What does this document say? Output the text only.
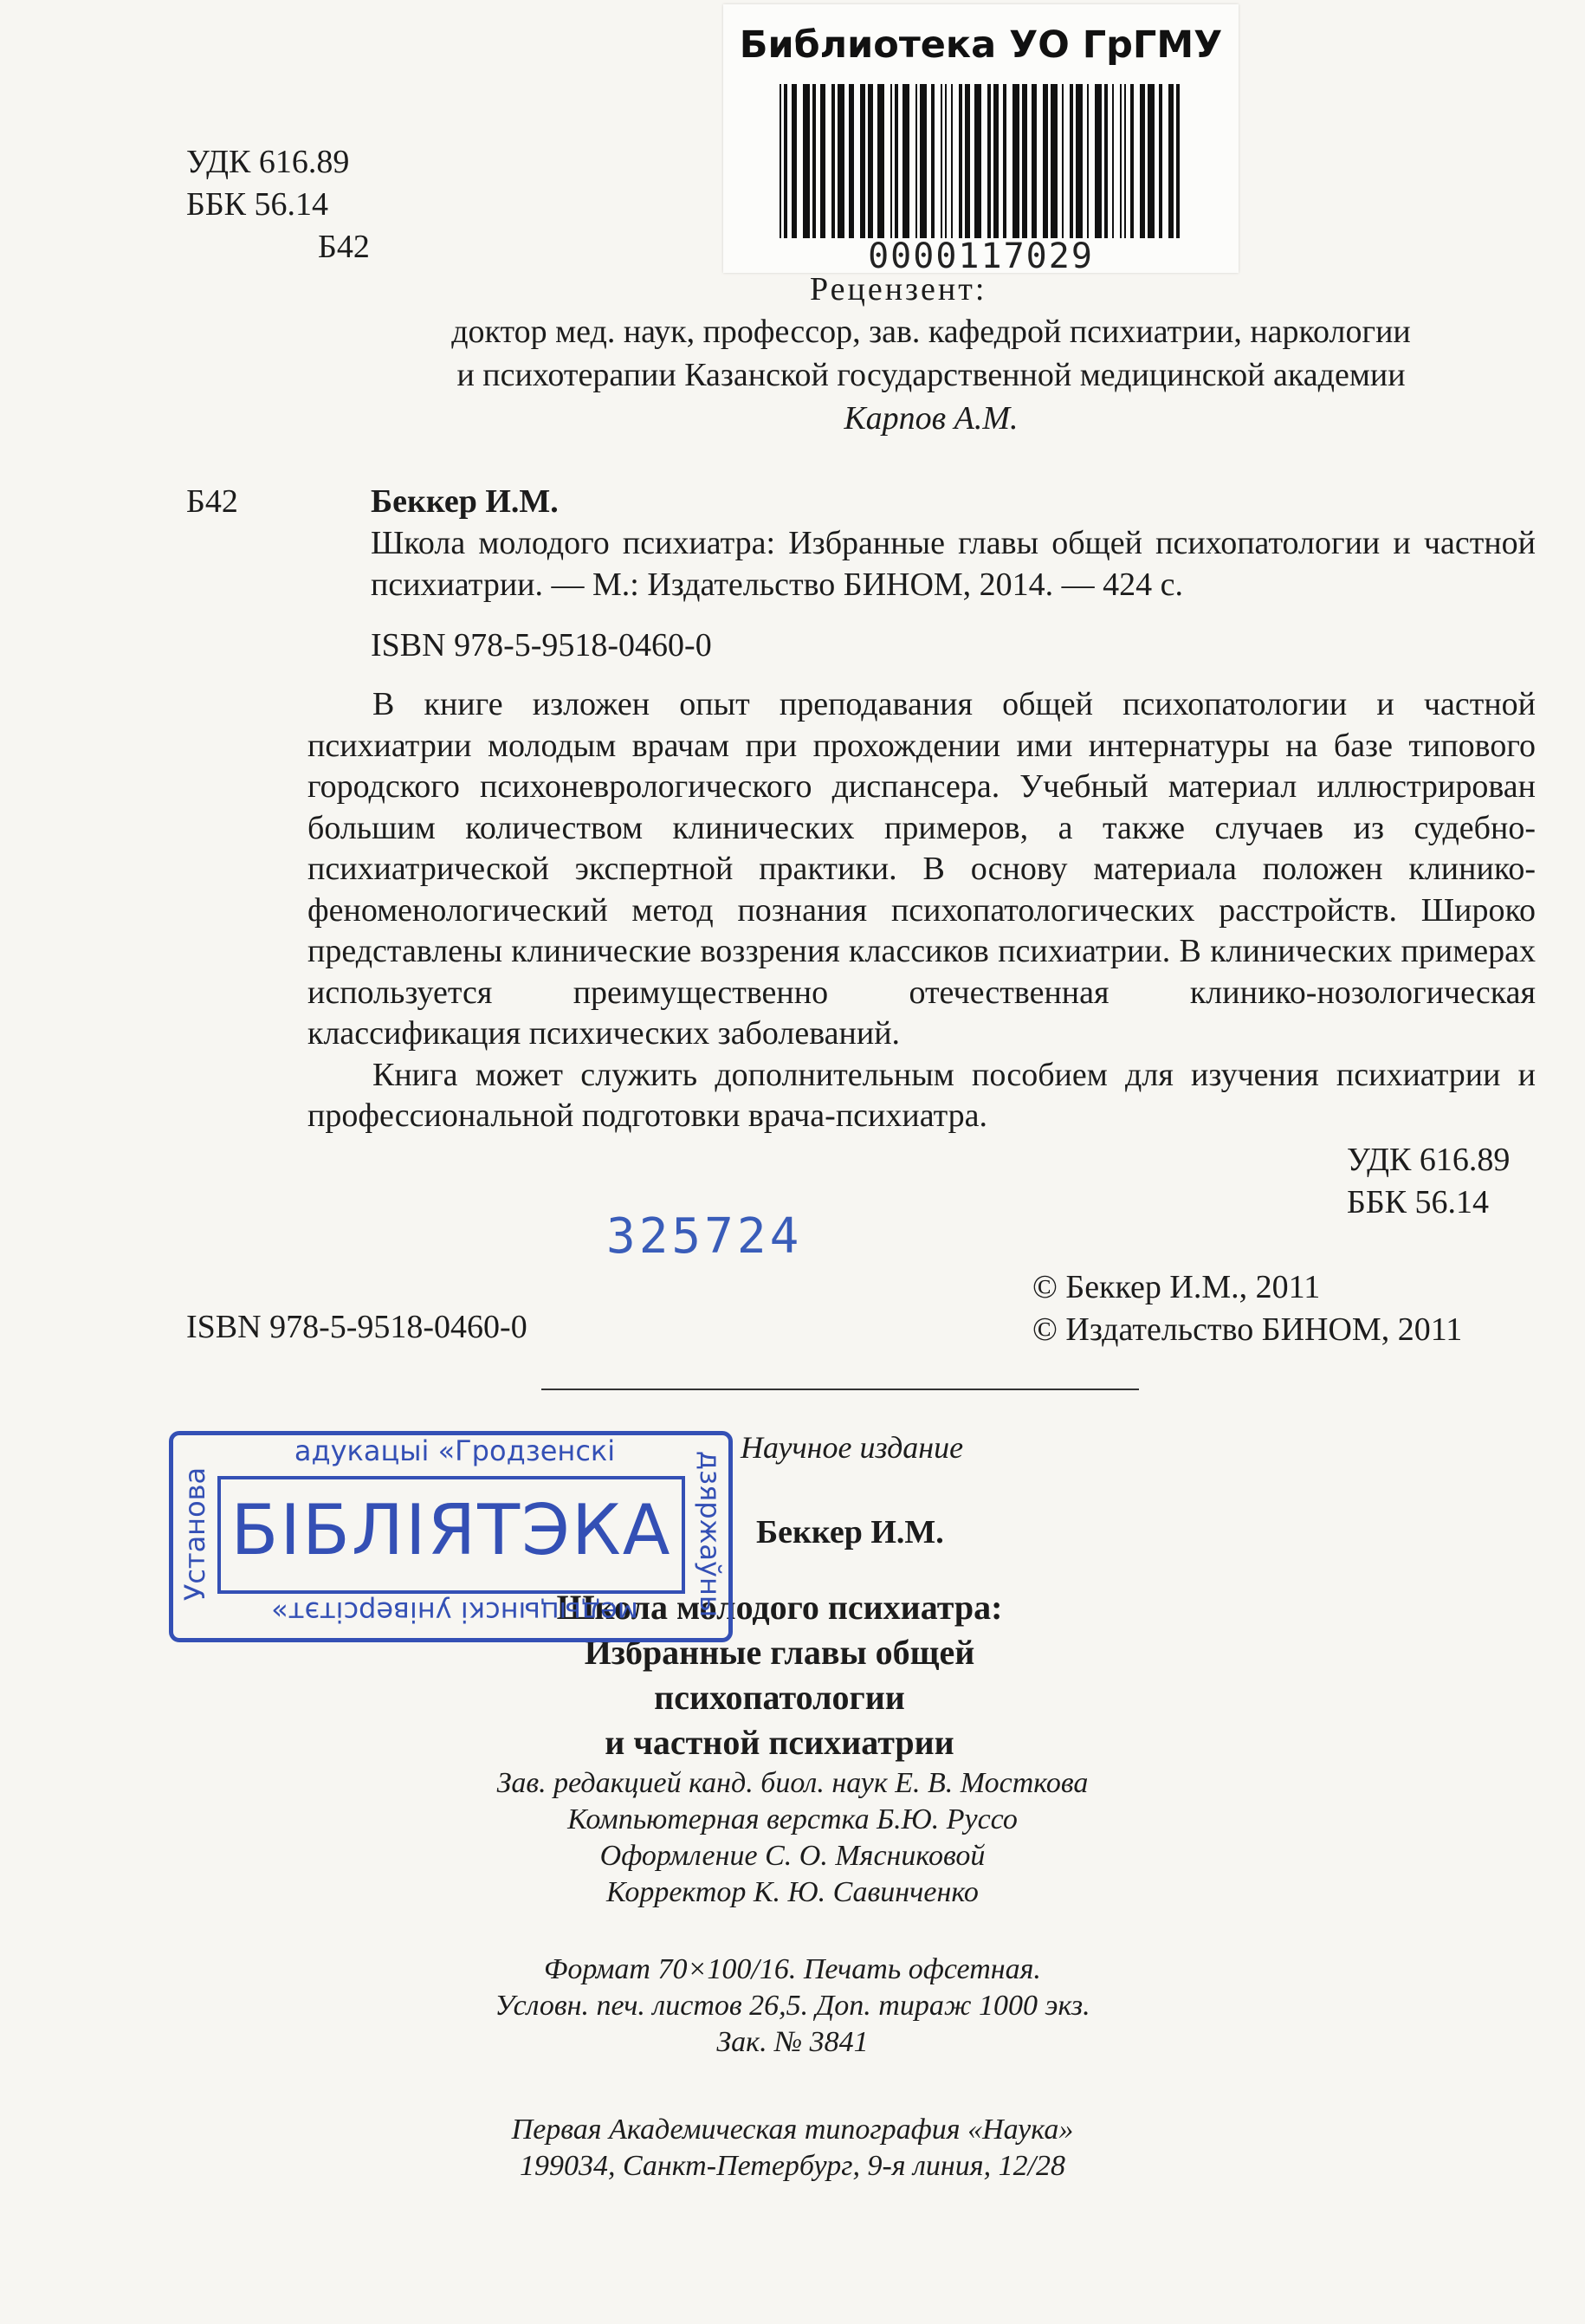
Библиотека УО ГрГМУ
0000117029
УДК 616.89
ББК 56.14
Б42
Рецензент:
доктор мед. наук, профессор, зав. кафедрой психиатрии, наркологии
и психотерапии Казанской государственной медицинской академии
Карпов А.М.
Б42	Беккер И.М.
Школа молодого психиатра: Избранные главы общей психопатологии и частной психиатрии. — М.: Издательство БИНОМ, 2014. — 424 с.
ISBN 978-5-9518-0460-0

В книге изложен опыт преподавания общей психопатологии и частной психиатрии молодым врачам при прохождении ими интернатуры на базе типового городского психоневрологического диспансера. Учебный материал иллюстрирован большим количеством клинических примеров, а также случаев из судебно-психиатрической экспертной практики. В основу материала положен клинико-феноменологический метод познания психопатологических расстройств. Широко представлены клинические воззрения классиков психиатрии. В клинических примерах используется преимущественно отечественная клинико-нозологическая классификация психических заболеваний.

Книга может служить дополнительным пособием для изучения психиатрии и профессиональной подготовки врача-психиатра.

УДК 616.89
ББК 56.14
325724
© Беккер И.М., 2011
© Издательство БИНОМ, 2011
ISBN 978-5-9518-0460-0
Научное издание
Беккер И.М.
Школа молодого психиатра:
Избранные главы общей психопатологии
и частной психиатрии
Зав. редакцией канд. биол. наук Е. В. Мосткова
Компьютерная верстка Б.Ю. Руссо
Оформление С. О. Мясниковой
Корректор К. Ю. Савинченко
Формат 70×100/16. Печать офсетная.
Условн. печ. листов 26,5. Доп. тираж 1000 экз.
Зак. № 3841
Первая Академическая типография «Наука»
199034, Санкт-Петербург, 9-я линия, 12/28
адукацыі «Гродзенскі
Установа	дзяржаўны
медыцынскі універсітэт»
БІБЛІЯТЭКА
